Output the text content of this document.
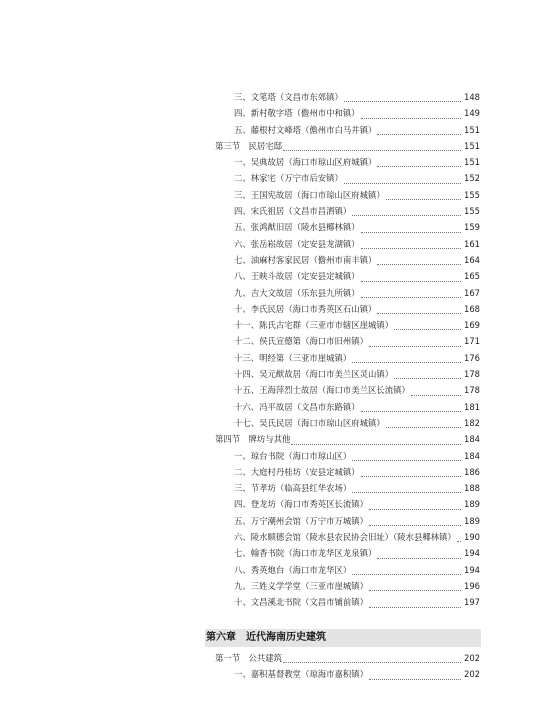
三、文笔塔（文昌市东郊镇）	148
四、新村敬字塔（儋州市中和镇）	149
五、藤根村文峰塔（儋州市白马井镇）	151
第三节　民居宅邸	151
一、吴典故居（海口市琼山区府城镇）	151
二、林家宅（万宁市后安镇）	152
三、王国宪故居（海口市琼山区府城镇）	155
四、宋氏祖居（文昌市昌洒镇）	155
五、张鸿猷旧居（陵水县椰林镇）	159
六、张岳崧故居（定安县龙湖镇）	161
七、油麻村客家民居（儋州市南丰镇）	164
八、王映斗故居（定安县定城镇）	165
九、吉大文故居（乐东县九所镇）	167
十、李氏民居（海口市秀英区石山镇）	168
十一、陈氏古宅群（三亚市市辖区崖城镇）	169
十二、侯氏宣德第（海口市旧州镇）	171
十三、明经第（三亚市崖城镇）	176
十四、吴元猷故居（海口市美兰区灵山镇）	178
十五、王海萍烈士故居（海口市美兰区长流镇）	178
十六、冯平故居（文昌市东路镇）	181
十七、吴氏民居（海口市琼山区府城镇）	182
第四节　牌坊与其他	184
一、琼台书院（海口市琼山区）	184
二、大庭村丹桂坊（安县定城镇）	186
三、节孝坊（临高县红华农场）	188
四、登龙坊（海口市秀英区长流镇）	189
五、万宁潮州会馆（万宁市万城镇）	189
六、陵水顺德会馆（陵水县农民协会旧址）（陵水县椰林镇） 190
七、翰香书院（海口市龙华区龙泉镇）	194
八、秀英炮台（海口市龙华区）	194
九、三姓义学学堂（三亚市崖城镇）	196
十、文昌溪北书院（文昌市铺前镇）	197
第六章　近代海南历史建筑
第一节　公共建筑	202
一、嘉积基督教堂（琼海市嘉积镇）	202
